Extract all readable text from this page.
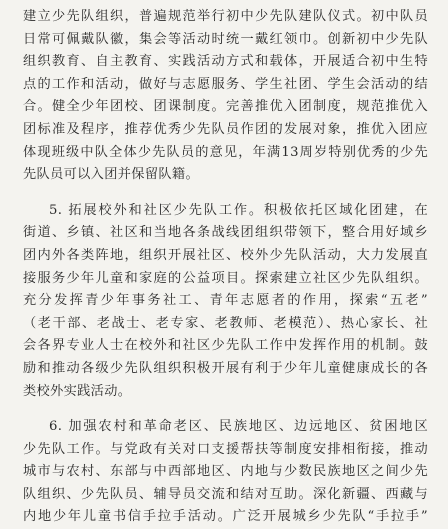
建立少先队组织，普遍规范举行初中少先队建队仪式。初中队员
日常可佩戴队徽，集会等活动时统一戴红领巾。创新初中少先队
组织教育、自主教育、实践活动方式和载体，开展适合初中生特
点的工作和活动，做好与志愿服务、学生社团、学生会活动的结
合。健全少年团校、团课制度。完善推优入团制度，规范推优入
团标准及程序，推荐优秀少先队员作团的发展对象，推优入团应
体现班级中队全体少先队员的意见，年满13周岁特别优秀的少先
先队员可以入团并保留队籍。
5. 拓展校外和社区少先队工作。积极依托区域化团建，在
街道、乡镇、社区和当地各条战线团组织带领下，整合用好域乡
团内外各类阵地，组织开展社区、校外少先队活动，大力发展直
接服务少年儿童和家庭的公益项目。探索建立社区少先队组织。
充分发挥青少年事务社工、青年志愿者的作用，探索“五老”
（老干部、老战士、老专家、老教师、老模范）、热心家长、社
会各界专业人士在校外和社区少先队工作中发挥作用的机制。鼓
励和推动各级少先队组织积极开展有利于少年儿童健康成长的各
类校外实践活动。
6. 加强农村和革命老区、民族地区、边远地区、贫困地区
少先队工作。与党政有关对口支援帮扶等制度安排相衔接，推动
城市与农村、东部与中西部地区、内地与少数民族地区之间少先
队组织、少先队员、辅导员交流和结对互助。深化新疆、西藏与
内地少年儿童书信手拉手活动。广泛开展城乡少先队“手拉手”
